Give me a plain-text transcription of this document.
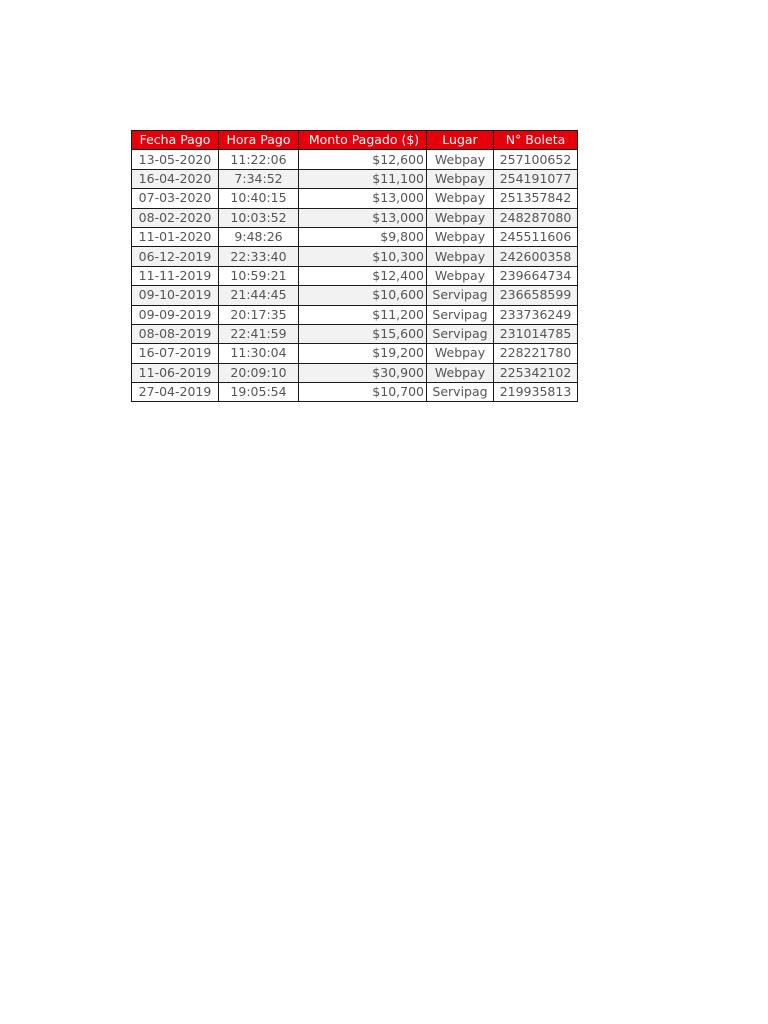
Fecha Pago	Hora Pago	Monto Pagado ($)	Lugar	N° Boleta
13-05-2020	11:22:06	$12,600	Webpay	257100652
16-04-2020	7:34:52	$11,100	Webpay	254191077
07-03-2020	10:40:15	$13,000	Webpay	251357842
08-02-2020	10:03:52	$13,000	Webpay	248287080
11-01-2020	9:48:26	$9,800	Webpay	245511606
06-12-2019	22:33:40	$10,300	Webpay	242600358
11-11-2019	10:59:21	$12,400	Webpay	239664734
09-10-2019	21:44:45	$10,600	Servipag	236658599
09-09-2019	20:17:35	$11,200	Servipag	233736249
08-08-2019	22:41:59	$15,600	Servipag	231014785
16-07-2019	11:30:04	$19,200	Webpay	228221780
11-06-2019	20:09:10	$30,900	Webpay	225342102
27-04-2019	19:05:54	$10,700	Servipag	219935813
